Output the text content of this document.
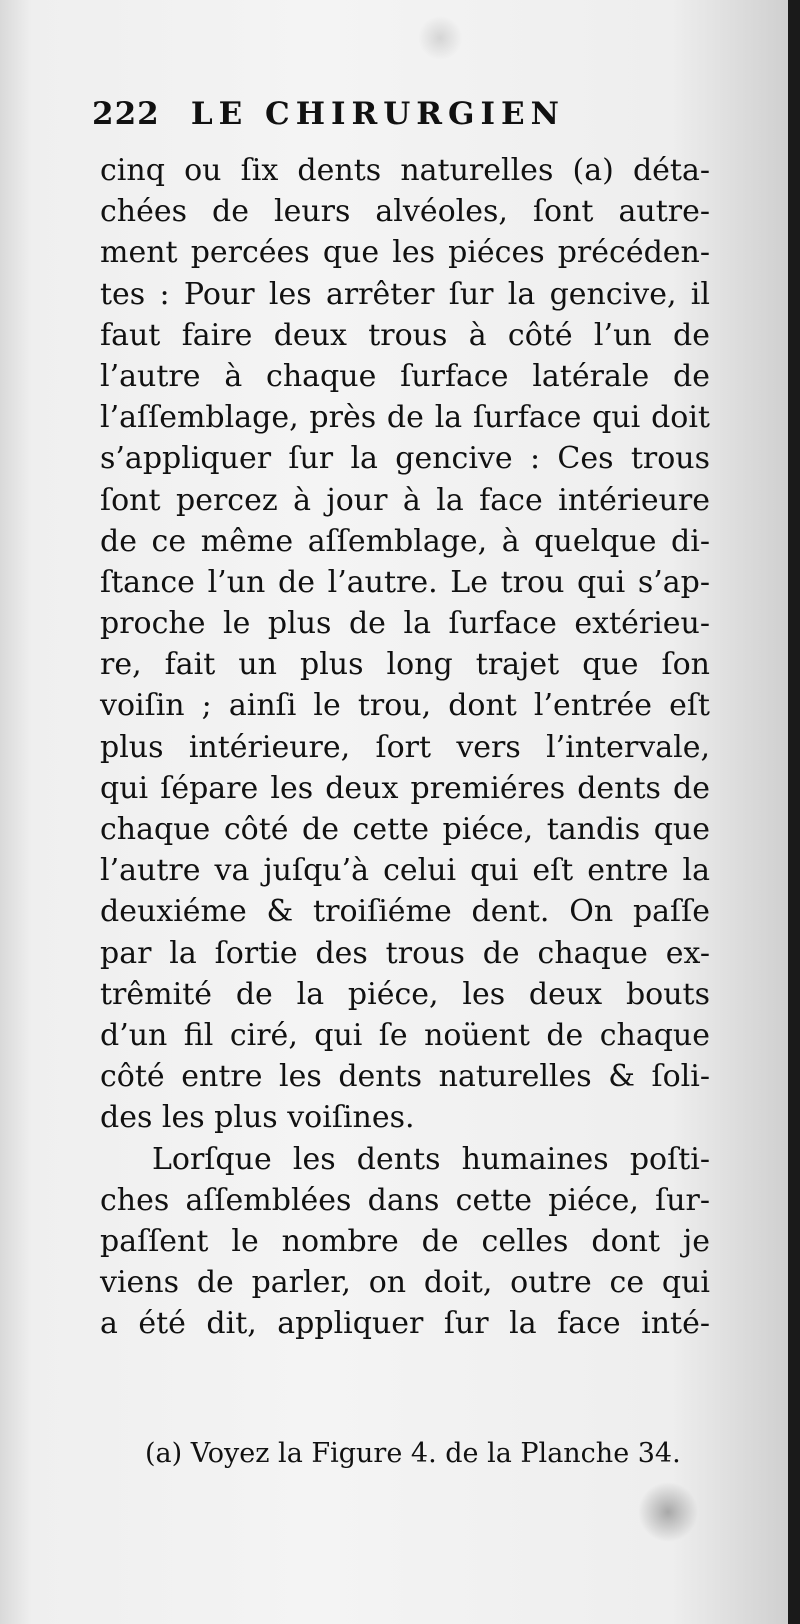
222 LE CHIRURGIEN
cinq ou ſix dents naturelles (a) déta-
chées de leurs alvéoles, ſont autre-
ment percées que les piéces précéden-
tes : Pour les arrêter ſur la gencive, il
faut faire deux trous à côté l’un de
l’autre à chaque ſurface latérale de
l’aſſemblage, près de la ſurface qui doit
s’appliquer ſur la gencive : Ces trous
ſont percez à jour à la face intérieure
de ce même aſſemblage, à quelque di-
ſtance l’un de l’autre. Le trou qui s’ap-
proche le plus de la ſurface extérieu-
re, fait un plus long trajet que ſon
voiſin ; ainſi le trou, dont l’entrée eſt
plus intérieure, ſort vers l’intervale,
qui ſépare les deux premiéres dents de
chaque côté de cette piéce, tandis que
l’autre va juſqu’à celui qui eſt entre la
deuxiéme & troiſiéme dent. On paſſe
par la ſortie des trous de chaque ex-
trêmité de la piéce, les deux bouts
d’un fil ciré, qui ſe noüent de chaque
côté entre les dents naturelles & ſoli-
des les plus voiſines.
Lorſque les dents humaines poſti-
ches aſſemblées dans cette piéce, ſur-
paſſent le nombre de celles dont je
viens de parler, on doit, outre ce qui
a été dit, appliquer ſur la face inté-
(a) Voyez la Figure 4. de la Planche 34.
